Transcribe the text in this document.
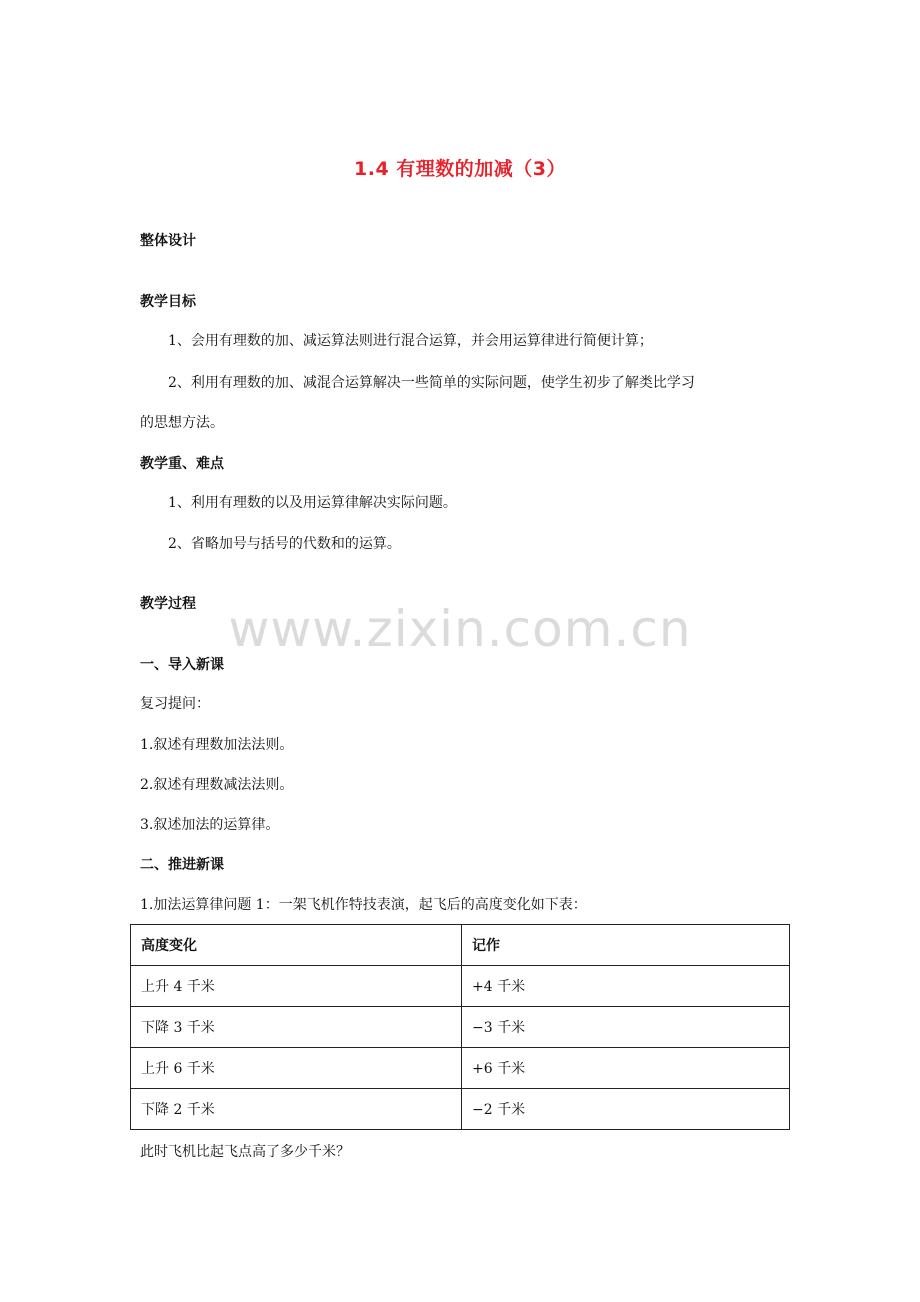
1.4 有理数的加减（3）
整体设计
教学目标
1、会用有理数的加、减运算法则进行混合运算，并会用运算律进行简便计算；
2、利用有理数的加、减混合运算解决一些简单的实际问题，使学生初步了解类比学习
的思想方法。
教学重、难点
1、利用有理数的以及用运算律解决实际问题。
2、省略加号与括号的代数和的运算。
教学过程 www.zixin.com.cn
一、导入新课
复习提问：
1.叙述有理数加法法则。
2.叙述有理数减法法则。
3.叙述加法的运算律。
二、推进新课
1.加法运算律问题 1：一架飞机作特技表演，起飞后的高度变化如下表：
高度变化	记作
上升 4 千米	+4 千米
下降 3 千米	−3 千米
上升 6 千米	+6 千米
下降 2 千米	−2 千米
此时飞机比起飞点高了多少千米？
